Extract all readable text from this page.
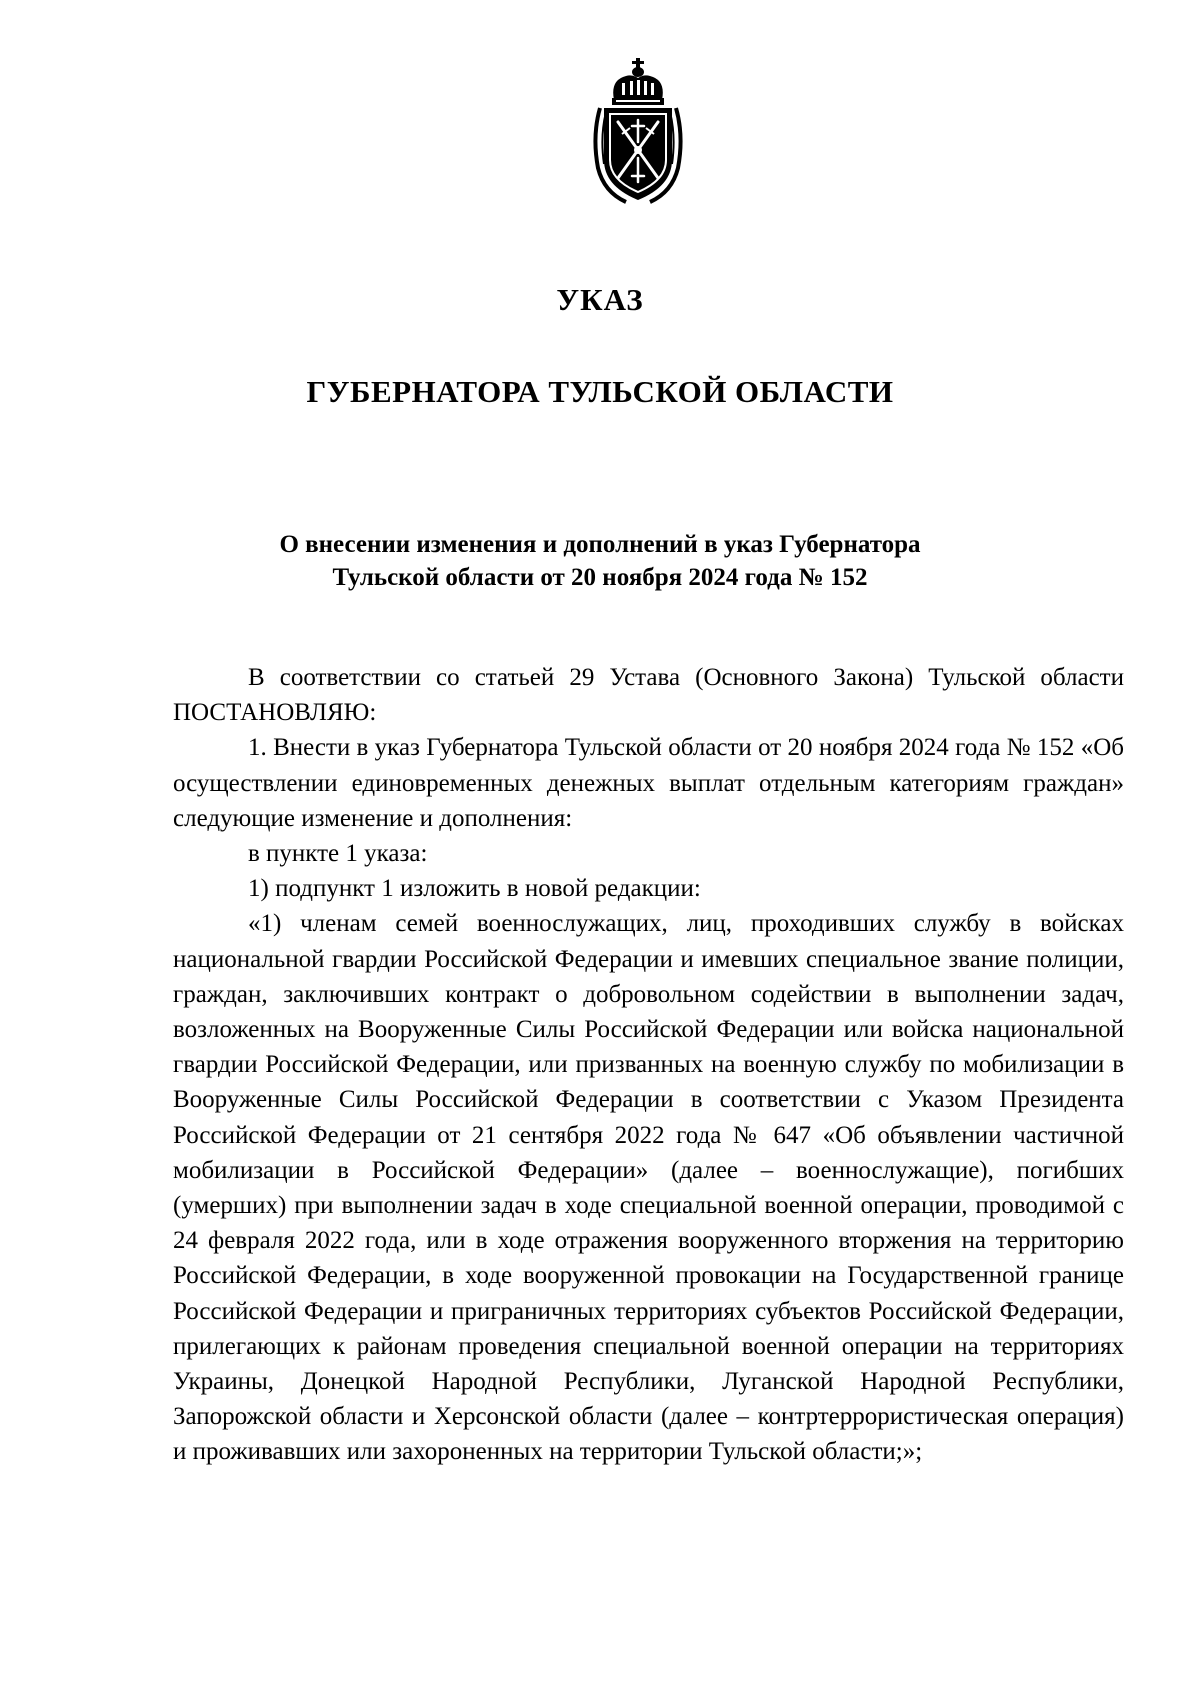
УКАЗ
ГУБЕРНАТОРА ТУЛЬСКОЙ ОБЛАСТИ
О внесении изменения и дополнений в указ Губернатора
Тульской области от 20 ноября 2024 года № 152

В соответствии со статьей 29 Устава (Основного Закона) Тульской области ПОСТАНОВЛЯЮ:

1. Внести в указ Губернатора Тульской области от 20 ноября 2024 года № 152 «Об осуществлении единовременных денежных выплат отдельным категориям граждан» следующие изменение и дополнения:

в пункте 1 указа:

1) подпункт 1 изложить в новой редакции:

«1) членам семей военнослужащих, лиц, проходивших службу в войсках национальной гвардии Российской Федерации и имевших специальное звание полиции, граждан, заключивших контракт о добровольном содействии в выполнении задач, возложенных на Вооруженные Силы Российской Федерации или войска национальной гвардии Российской Федерации, или призванных на военную службу по мобилизации в Вооруженные Силы Российской Федерации в соответствии с Указом Президента Российской Федерации от 21 сентября 2022 года № 647 «Об объявлении частичной мобилизации в Российской Федерации» (далее – военнослужащие), погибших (умерших) при выполнении задач в ходе специальной военной операции, проводимой с 24 февраля 2022 года, или в ходе отражения вооруженного вторжения на территорию Российской Федерации, в ходе вооруженной провокации на Государственной границе Российской Федерации и приграничных территориях субъектов Российской Федерации, прилегающих к районам проведения специальной военной операции на территориях Украины, Донецкой Народной Республики, Луганской Народной Республики, Запорожской области и Херсонской области (далее – контртеррористическая операция) и проживавших или захороненных на территории Тульской области;»;
